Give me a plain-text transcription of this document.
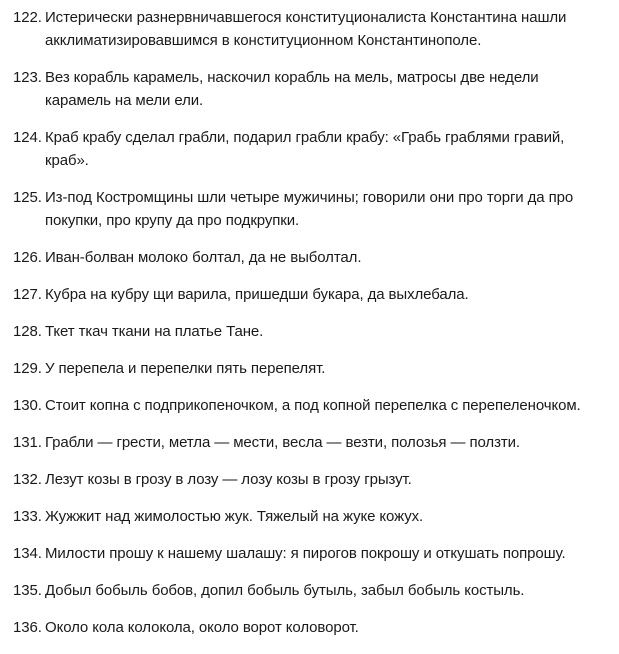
122. Истерически разнервничавшегося конституционалиста Константина нашли акклиматизировавшимся в конституционном Константинополе.
123. Вез корабль карамель, наскочил корабль на мель, матросы две недели карамель на мели ели.
124. Краб крабу сделал грабли, подарил грабли крабу: «Грабь граблями гравий, краб».
125. Из-под Костромщины шли четыре мужичины; говорили они про торги да про покупки, про крупу да про подкрупки.
126. Иван-болван молоко болтал, да не выболтал.
127. Кубра на кубру щи варила, пришедши букара, да выхлебала.
128. Ткет ткач ткани на платье Тане.
129. У перепела и перепелки пять перепелят.
130. Стоит копна с подприкопеночком, а под копной перепелка с перепеленочком.
131. Грабли — грести, метла — мести, весла — везти, полозья — ползти.
132. Лезут козы в грозу в лозу — лозу козы в грозу грызут.
133. Жужжит над жимолостью жук. Тяжелый на жуке кожух.
134. Милости прошу к нашему шалашу: я пирогов покрошу и откушать попрошу.
135. Добыл бобыль бобов, допил бобыль бутыль, забыл бобыль костыль.
136. Около кола колокола, около ворот коловорот.
